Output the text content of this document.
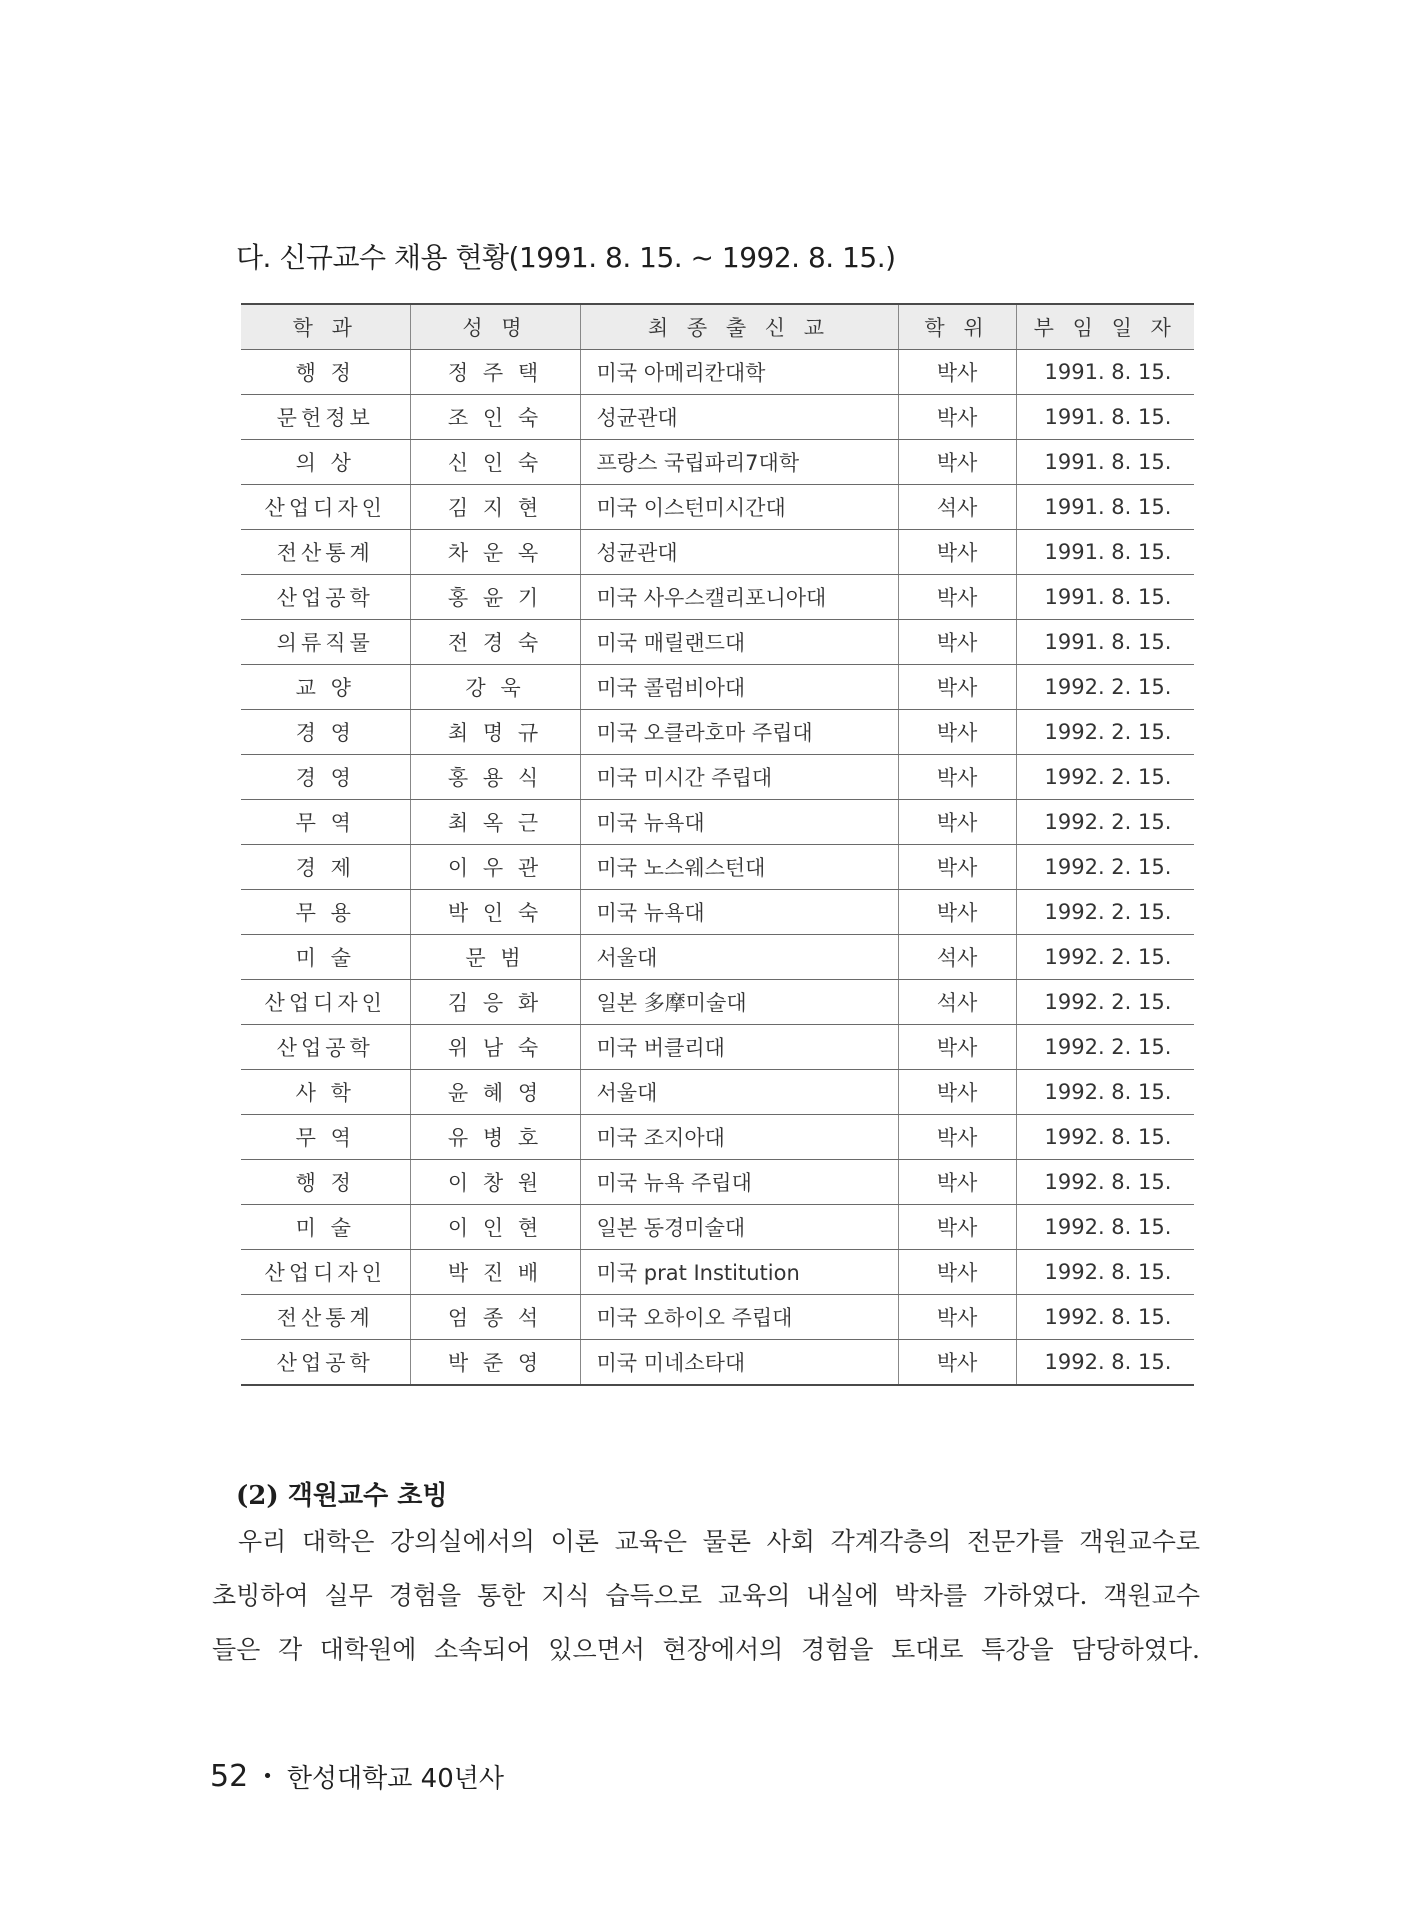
다. 신규교수 채용 현황(1991. 8. 15. ~ 1992. 8. 15.)
학 과	성 명	최 종 출 신 교	학 위	부 임 일 자
행 정	정 주 택	미국 아메리칸대학	박사	1991. 8. 15.
문헌정보	조 인 숙	성균관대	박사	1991. 8. 15.
의 상	신 인 숙	프랑스 국립파리7대학	박사	1991. 8. 15.
산업디자인	김 지 현	미국 이스턴미시간대	석사	1991. 8. 15.
전산통계	차 운 옥	성균관대	박사	1991. 8. 15.
산업공학	홍 윤 기	미국 사우스캘리포니아대	박사	1991. 8. 15.
의류직물	전 경 숙	미국 매릴랜드대	박사	1991. 8. 15.
교 양	강 욱	미국 콜럼비아대	박사	1992. 2. 15.
경 영	최 명 규	미국 오클라호마 주립대	박사	1992. 2. 15.
경 영	홍 용 식	미국 미시간 주립대	박사	1992. 2. 15.
무 역	최 옥 근	미국 뉴욕대	박사	1992. 2. 15.
경 제	이 우 관	미국 노스웨스턴대	박사	1992. 2. 15.
무 용	박 인 숙	미국 뉴욕대	박사	1992. 2. 15.
미 술	문 범	서울대	석사	1992. 2. 15.
산업디자인	김 응 화	일본 多摩미술대	석사	1992. 2. 15.
산업공학	위 남 숙	미국 버클리대	박사	1992. 2. 15.
사 학	윤 혜 영	서울대	박사	1992. 8. 15.
무 역	유 병 호	미국 조지아대	박사	1992. 8. 15.
행 정	이 창 원	미국 뉴욕 주립대	박사	1992. 8. 15.
미 술	이 인 현	일본 동경미술대	박사	1992. 8. 15.
산업디자인	박 진 배	미국 prat Institution	박사	1992. 8. 15.
전산통계	엄 종 석	미국 오하이오 주립대	박사	1992. 8. 15.
산업공학	박 준 영	미국 미네소타대	박사	1992. 8. 15.
(2) 객원교수 초빙
우리 대학은 강의실에서의 이론 교육은 물론 사회 각계각층의 전문가를 객원교수로
초빙하여 실무 경험을 통한 지식 습득으로 교육의 내실에 박차를 가하였다. 객원교수
들은 각 대학원에 소속되어 있으면서 현장에서의 경험을 토대로 특강을 담당하였다.
52 • 한성대학교 40년사
